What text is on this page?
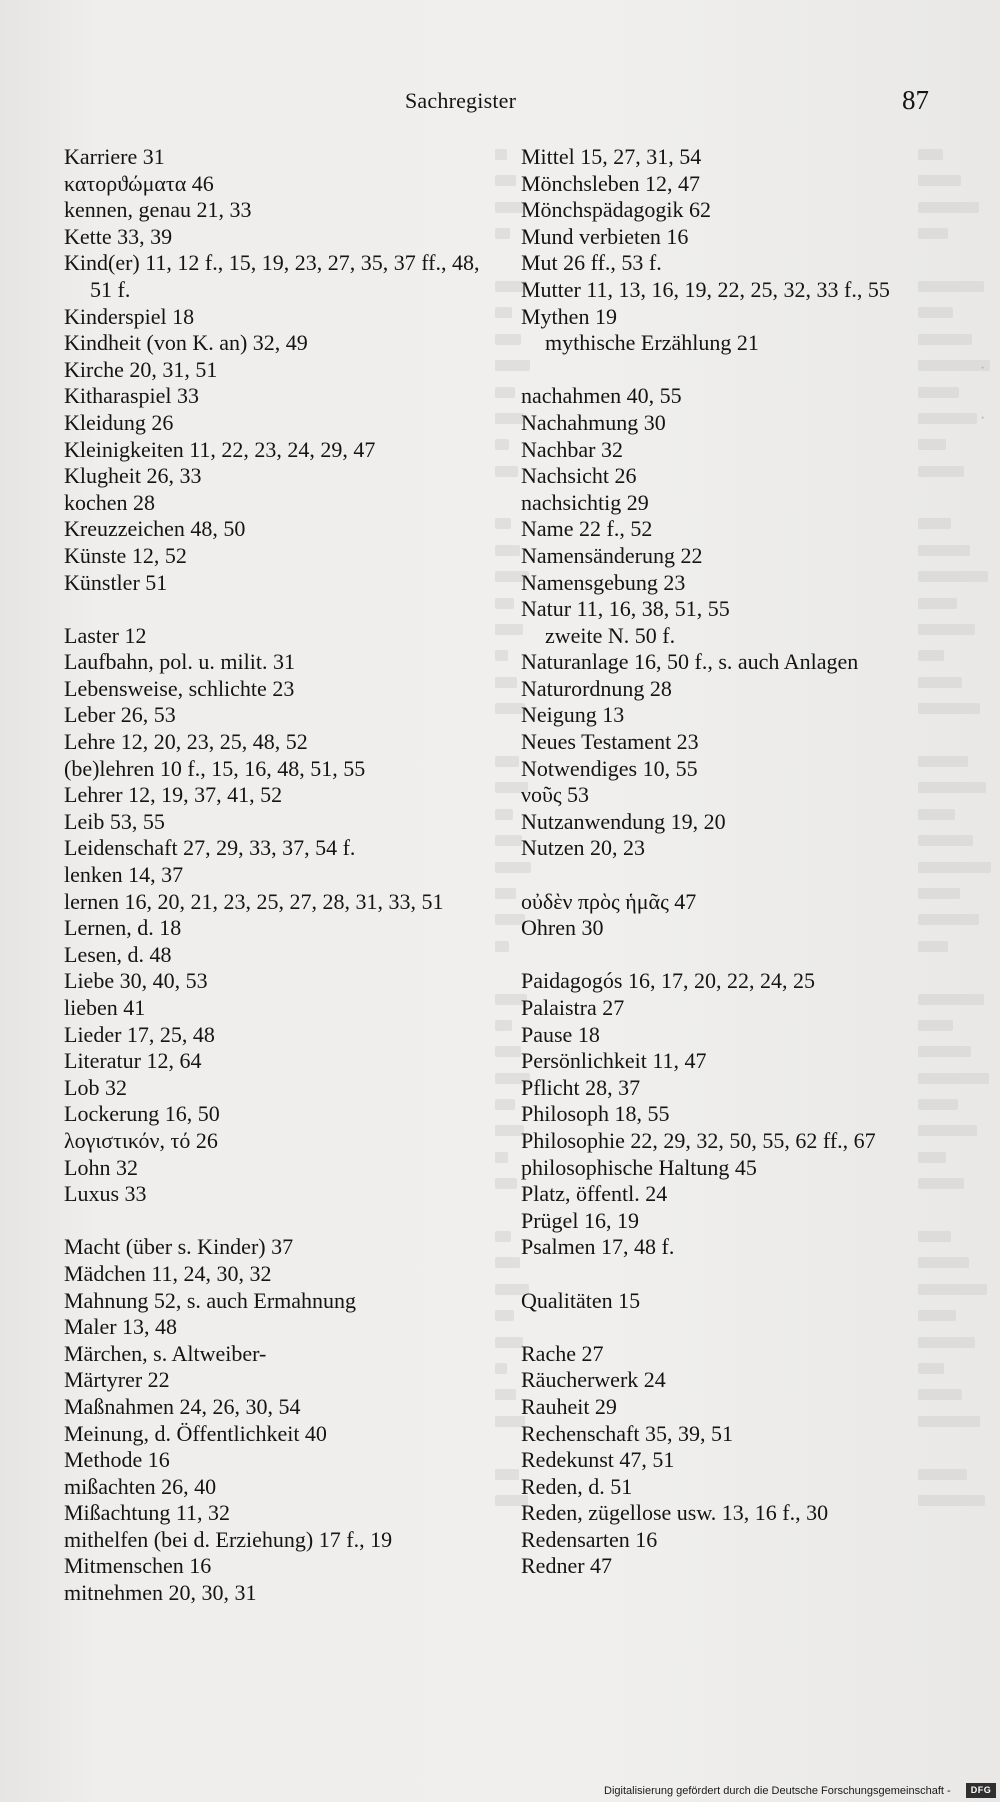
·
·
Sachregister	87
Karriere 31
κατορϑώματα 46
kennen, genau 21, 33
Kette 33, 39
Kind(er) 11, 12 f., 15, 19, 23, 27, 35, 37 ff., 48, 51 f.
Kinderspiel 18
Kindheit (von K. an) 32, 49
Kirche 20, 31, 51
Kitharaspiel 33
Kleidung 26
Kleinigkeiten 11, 22, 23, 24, 29, 47
Klugheit 26, 33
kochen 28
Kreuzzeichen 48, 50
Künste 12, 52
Künstler 51
Laster 12
Laufbahn, pol. u. milit. 31
Lebensweise, schlichte 23
Leber 26, 53
Lehre 12, 20, 23, 25, 48, 52
(be)lehren 10 f., 15, 16, 48, 51, 55
Lehrer 12, 19, 37, 41, 52
Leib 53, 55
Leidenschaft 27, 29, 33, 37, 54 f.
lenken 14, 37
lernen 16, 20, 21, 23, 25, 27, 28, 31, 33, 51
Lernen, d. 18
Lesen, d. 48
Liebe 30, 40, 53
lieben 41
Lieder 17, 25, 48
Literatur 12, 64
Lob 32
Lockerung 16, 50
λογιστικόν, τό 26
Lohn 32
Luxus 33
Macht (über s. Kinder) 37
Mädchen 11, 24, 30, 32
Mahnung 52, s. auch Ermahnung
Maler 13, 48
Märchen, s. Altweiber-
Märtyrer 22
Maßnahmen 24, 26, 30, 54
Meinung, d. Öffentlichkeit 40
Methode 16
mißachten 26, 40
Mißachtung 11, 32
mithelfen (bei d. Erziehung) 17 f., 19
Mitmenschen 16
mitnehmen 20, 30, 31
Mittel 15, 27, 31, 54
Mönchsleben 12, 47
Mönchspädagogik 62
Mund verbieten 16
Mut 26 ff., 53 f.
Mutter 11, 13, 16, 19, 22, 25, 32, 33 f., 55
Mythen 19
mythische Erzählung 21
nachahmen 40, 55
Nachahmung 30
Nachbar 32
Nachsicht 26
nachsichtig 29
Name 22 f., 52
Namensänderung 22
Namensgebung 23
Natur 11, 16, 38, 51, 55
zweite N. 50 f.
Naturanlage 16, 50 f., s. auch Anlagen
Naturordnung 28
Neigung 13
Neues Testament 23
Notwendiges 10, 55
νοῦς 53
Nutzanwendung 19, 20
Nutzen 20, 23
οὐδὲν πρὸς ἡμᾶς 47
Ohren 30
Paidagogós 16, 17, 20, 22, 24, 25
Palaistra 27
Pause 18
Persönlichkeit 11, 47
Pflicht 28, 37
Philosoph 18, 55
Philosophie 22, 29, 32, 50, 55, 62 ff., 67
philosophische Haltung 45
Platz, öffentl. 24
Prügel 16, 19
Psalmen 17, 48 f.
Qualitäten 15
Rache 27
Räucherwerk 24
Rauheit 29
Rechenschaft 35, 39, 51
Redekunst 47, 51
Reden, d. 51
Reden, zügellose usw. 13, 16 f., 30
Redensarten 16
Redner 47
Digitalisierung gefördert durch die Deutsche Forschungsgemeinschaft -	DFG
